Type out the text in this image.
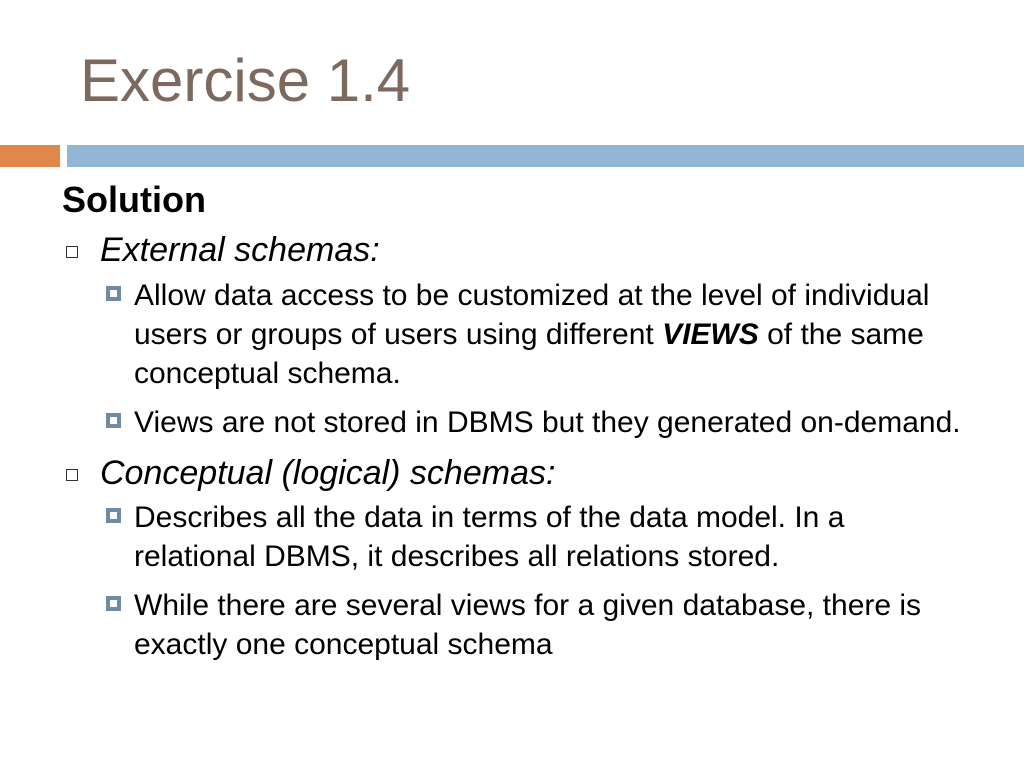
Exercise 1.4
Solution
External schemas:
Allow data access to be customized at the level of individual users or groups of users using different VIEWS of the same conceptual schema.
Views are not stored in DBMS but they generated on-demand.
Conceptual (logical) schemas:
Describes all the data in terms of the data model. In a relational DBMS, it describes all relations stored.
While there are several views for a given database, there is exactly one conceptual schema
